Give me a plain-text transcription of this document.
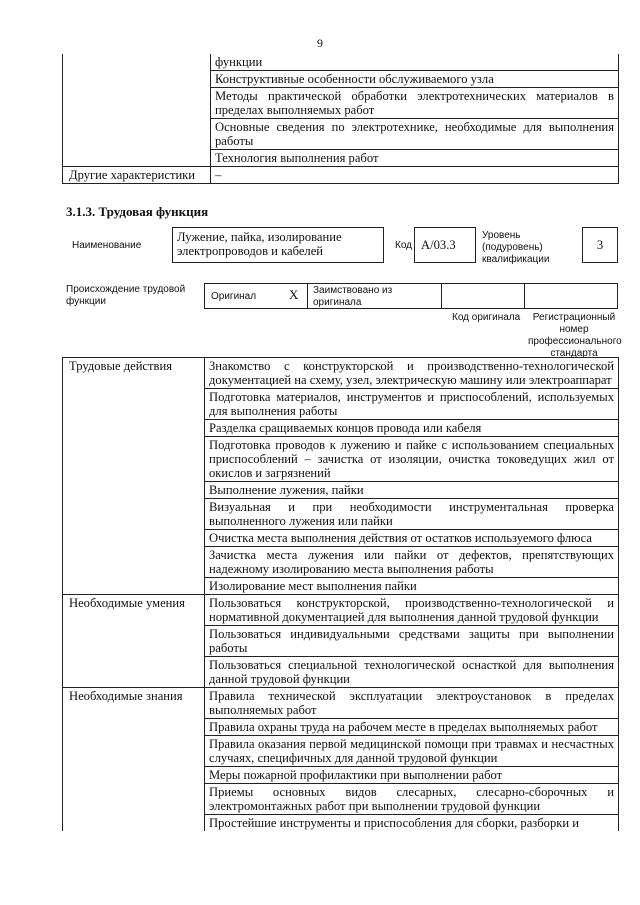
9
	функции
	Конструктивные особенности обслуживаемого узла
	Методы практической обработки электротехнических материалов в пределах выполняемых работ
	Основные сведения по электротехнике, необходимые для выполнения работы
	Технология выполнения работ
Другие характеристики	–
3.1.3. Трудовая функция
Наименование
Лужение, пайка, изолирование электропроводов и кабелей	Код A/03.3
Уровень (подуровень) квалификации
3
Происхождение трудовой функции	Оригинал	X Заимствовано из оригинала
Код оригинала	Регистрационный номер профессионального стандарта
Трудовые действия	Знакомство с конструкторской и производственно-технологической документацией на схему, узел, электрическую машину или электроаппарат
	Подготовка материалов, инструментов и приспособлений, используемых для выполнения работы
	Разделка сращиваемых концов провода или кабеля
	Подготовка проводов к лужению и пайке с использованием специальных приспособлений – зачистка от изоляции, очистка токоведущих жил от окислов и загрязнений
	Выполнение лужения, пайки
	Визуальная и при необходимости инструментальная проверка выполненного лужения или пайки
	Очистка места выполнения действия от остатков используемого флюса
	Зачистка места лужения или пайки от дефектов, препятствующих надежному изолированию места выполнения работы
	Изолирование мест выполнения пайки
Необходимые умения	Пользоваться конструкторской, производственно-технологической и нормативной документацией для выполнения данной трудовой функции
	Пользоваться индивидуальными средствами защиты при выполнении работы
	Пользоваться специальной технологической оснасткой для выполнения данной трудовой функции
Необходимые знания	Правила технической эксплуатации электроустановок в пределах выполняемых работ
	Правила охраны труда на рабочем месте в пределах выполняемых работ
	Правила оказания первой медицинской помощи при травмах и несчастных случаях, специфичных для данной трудовой функции
	Меры пожарной профилактики при выполнении работ
	Приемы основных видов слесарных, слесарно-сборочных и электромонтажных работ при выполнении трудовой функции
	Простейшие инструменты и приспособления для сборки, разборки и
